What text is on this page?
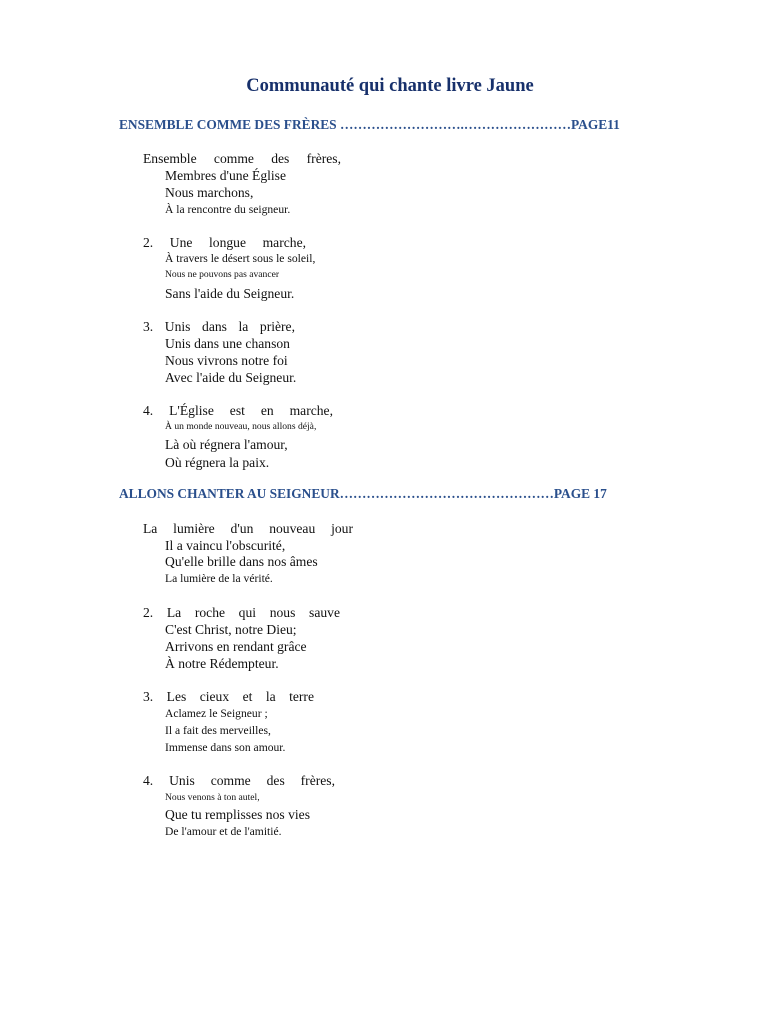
Communauté qui chante livre Jaune
ENSEMBLE COMME DES FRÈRES ……………………….……………………PAGE11
Ensemble comme des frères,
Membres d'une Église
Nous marchons,
À la rencontre du seigneur.
2. Une longue marche,
À travers le désert sous le soleil,
Nous ne pouvons pas avancer
Sans l'aide du Seigneur.
3. Unis dans la prière,
Unis dans une chanson
Nous vivrons notre foi
Avec l'aide du Seigneur.
4. L'Église est en marche,
À un monde nouveau, nous allons déjà,
Là où régnera l'amour,
Où régnera la paix.
ALLONS CHANTER AU SEIGNEUR…………………………………………PAGE 17
La lumière d'un nouveau jour
Il a vaincu l'obscurité,
Qu'elle brille dans nos âmes
La lumière de la vérité.
2. La roche qui nous sauve
C'est Christ, notre Dieu;
Arrivons en rendant grâce
À notre Rédempteur.
3. Les cieux et la terre
Aclamez le Seigneur ;
Il a fait des merveilles,
Immense dans son amour.
4. Unis comme des frères,
Nous venons à ton autel,
Que tu remplisses nos vies
De l'amour et de l'amitié.
